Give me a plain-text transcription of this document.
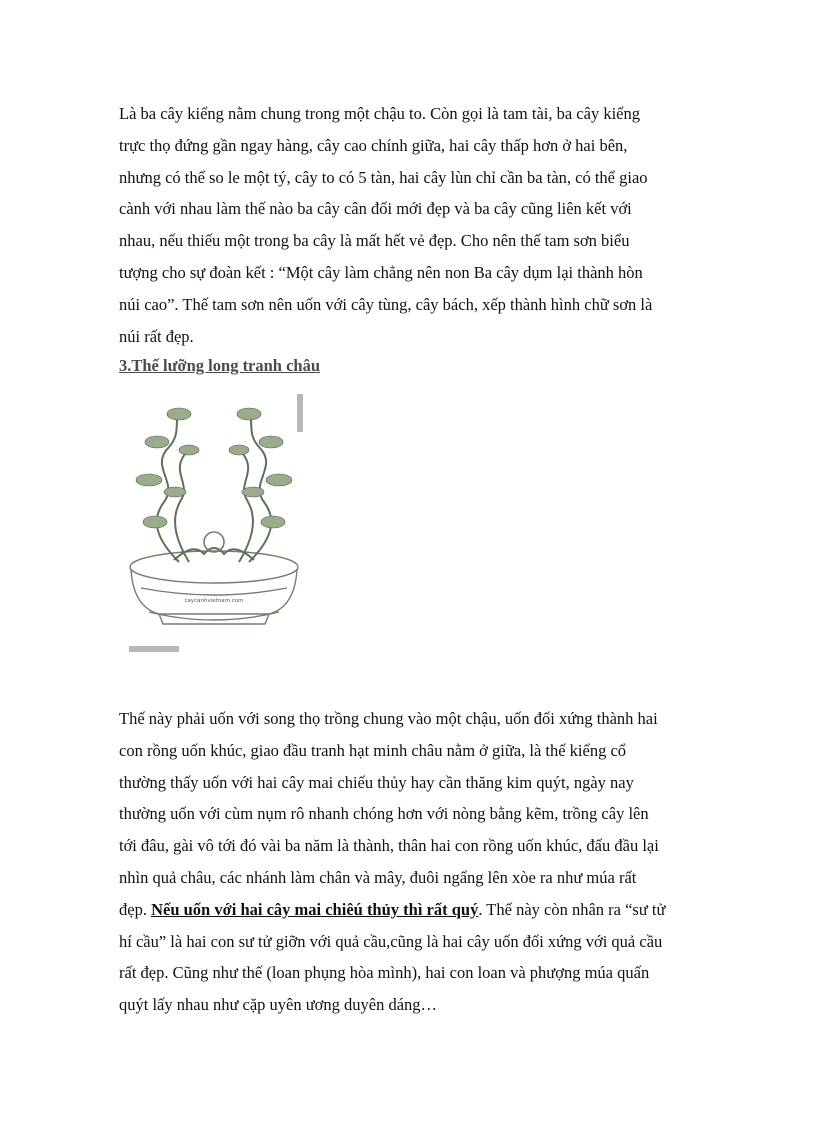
Là ba cây kiểng nằm chung trong một chậu to. Còn gọi là tam tài, ba cây kiểng

trực thọ đứng gần ngay hàng, cây cao chính giữa, hai cây thấp hơn ở hai bên,

nhưng có thể so le một tý, cây to có 5 tàn, hai cây lùn chỉ cần ba tàn, có thể giao

cành với nhau làm thế nào ba cây cân đối mới đẹp và ba cây cũng liên kết với

nhau, nếu thiếu một trong ba cây là mất hết vẻ đẹp. Cho nên thế tam sơn biểu

tượng cho sự đoàn kết : “Một cây làm chẳng nên non Ba cây dụm lại thành hòn

núi cao”. Thế tam sơn nên uốn với cây tùng, cây bách, xếp thành hình chữ sơn là

núi rất đẹp.

3.Thế lưỡng long tranh châu
caycanhvietnam.com

Thế này phải uốn với song thọ trồng chung vào một chậu, uốn đối xứng thành hai

con rồng uốn khúc, giao đầu tranh hạt minh châu nằm ở giữa, là thế kiểng cổ

thường thấy uốn với hai cây mai chiếu thủy hay cần thăng kim quýt, ngày nay

thường uốn với cùm nụm rô nhanh chóng hơn với nòng bằng kẽm, trồng cây lên

tới đâu, gài vô tới đó vài ba năm là thành, thân hai con rồng uốn khúc, đấu đầu lại

nhìn quả châu, các nhánh làm chân và mây, đuôi ngẩng lên xòe ra như múa rất

đẹp. Nếu uốn với hai cây mai chiêú thủy thì rất quý. Thế này còn nhân ra “sư tử

hí cầu” là hai con sư tử giỡn với quả cầu,cũng là hai cây uốn đối xứng với quả cầu

rất đẹp. Cũng như thế (loan phụng hòa mình), hai con loan và phượng múa quấn

quýt lấy nhau như cặp uyên ương duyên dáng…
